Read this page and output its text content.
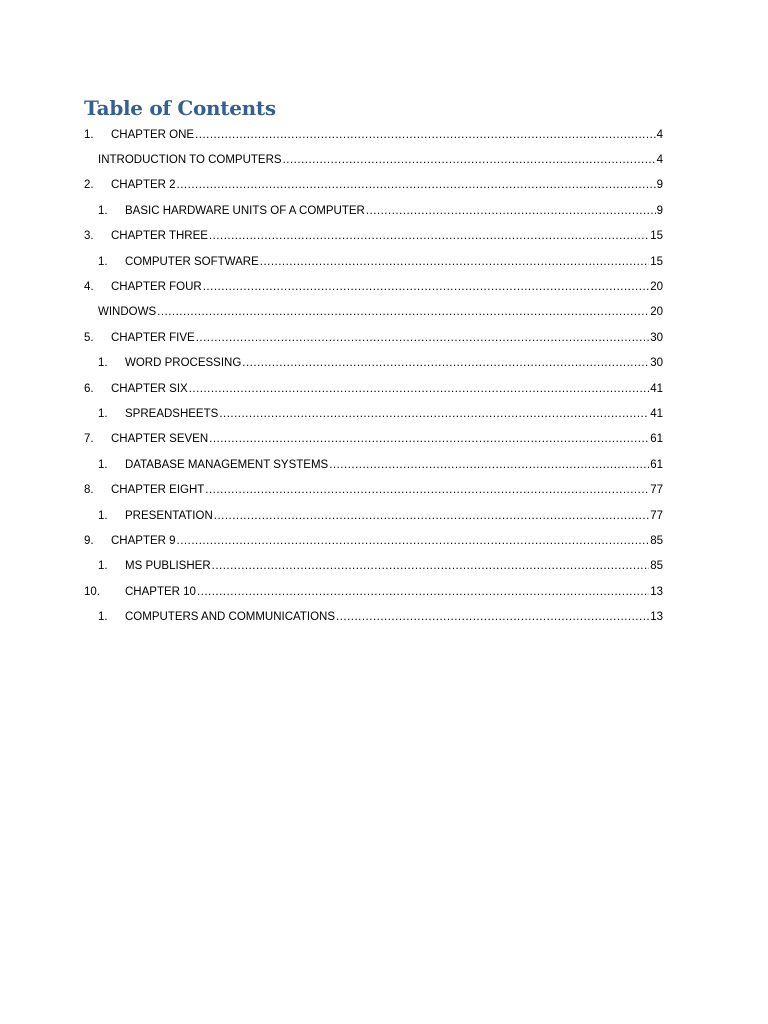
Table of Contents
1. CHAPTER ONE .....	4
INTRODUCTION TO COMPUTERS .....	4
2. CHAPTER 2 .....	9
1. BASIC HARDWARE UNITS OF A COMPUTER .....	9
3. CHAPTER THREE .....	15
1. COMPUTER SOFTWARE .....	15
4. CHAPTER FOUR .....	20
WINDOWS .....	20
5. CHAPTER FIVE .....	30
1. WORD PROCESSING .....	30
6. CHAPTER SIX .....	41
1. SPREADSHEETS .....	41
7. CHAPTER SEVEN .....	61
1. DATABASE MANAGEMENT SYSTEMS .....	61
8. CHAPTER EIGHT .....	77
1. PRESENTATION .....	77
9. CHAPTER 9 .....	85
1. MS PUBLISHER .....	85
10. CHAPTER 10 .....	13
1. COMPUTERS AND COMMUNICATIONS .....	13
